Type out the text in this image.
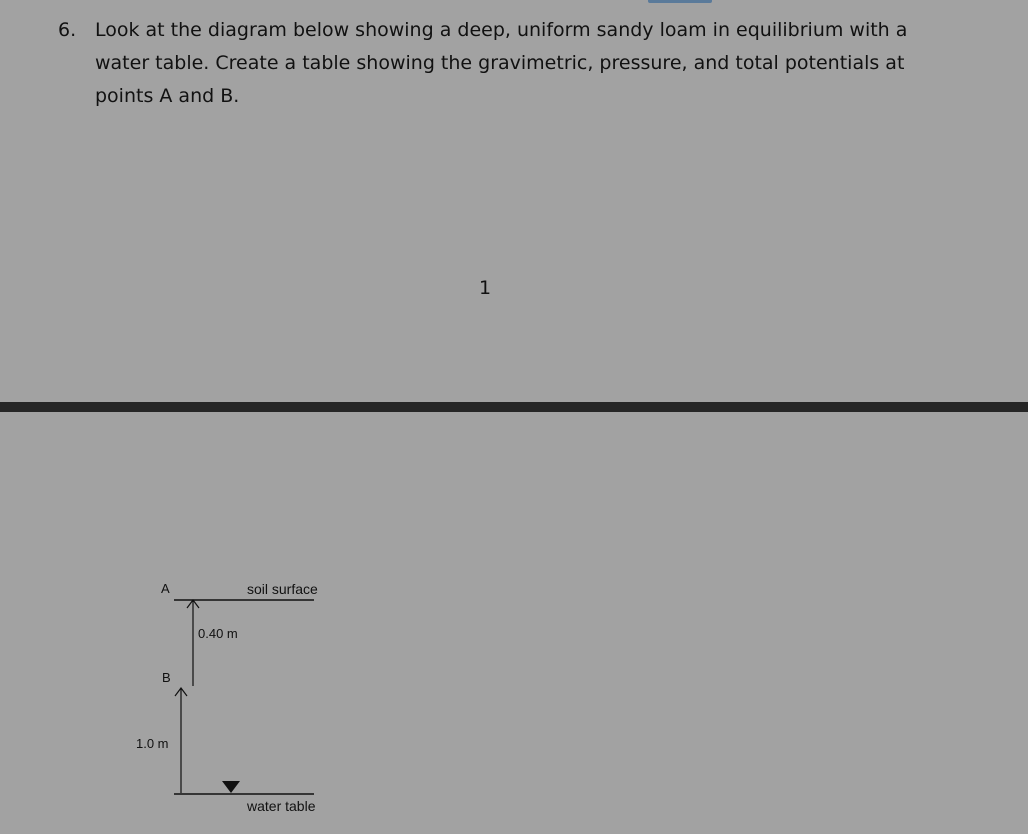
6. Look at the diagram below showing a deep, uniform sandy loam in equilibrium with a water table. Create a table showing the gravimetric, pressure, and total potentials at points A and B.
1
A
B
soil surface
0.40 m
1.0 m
water table
